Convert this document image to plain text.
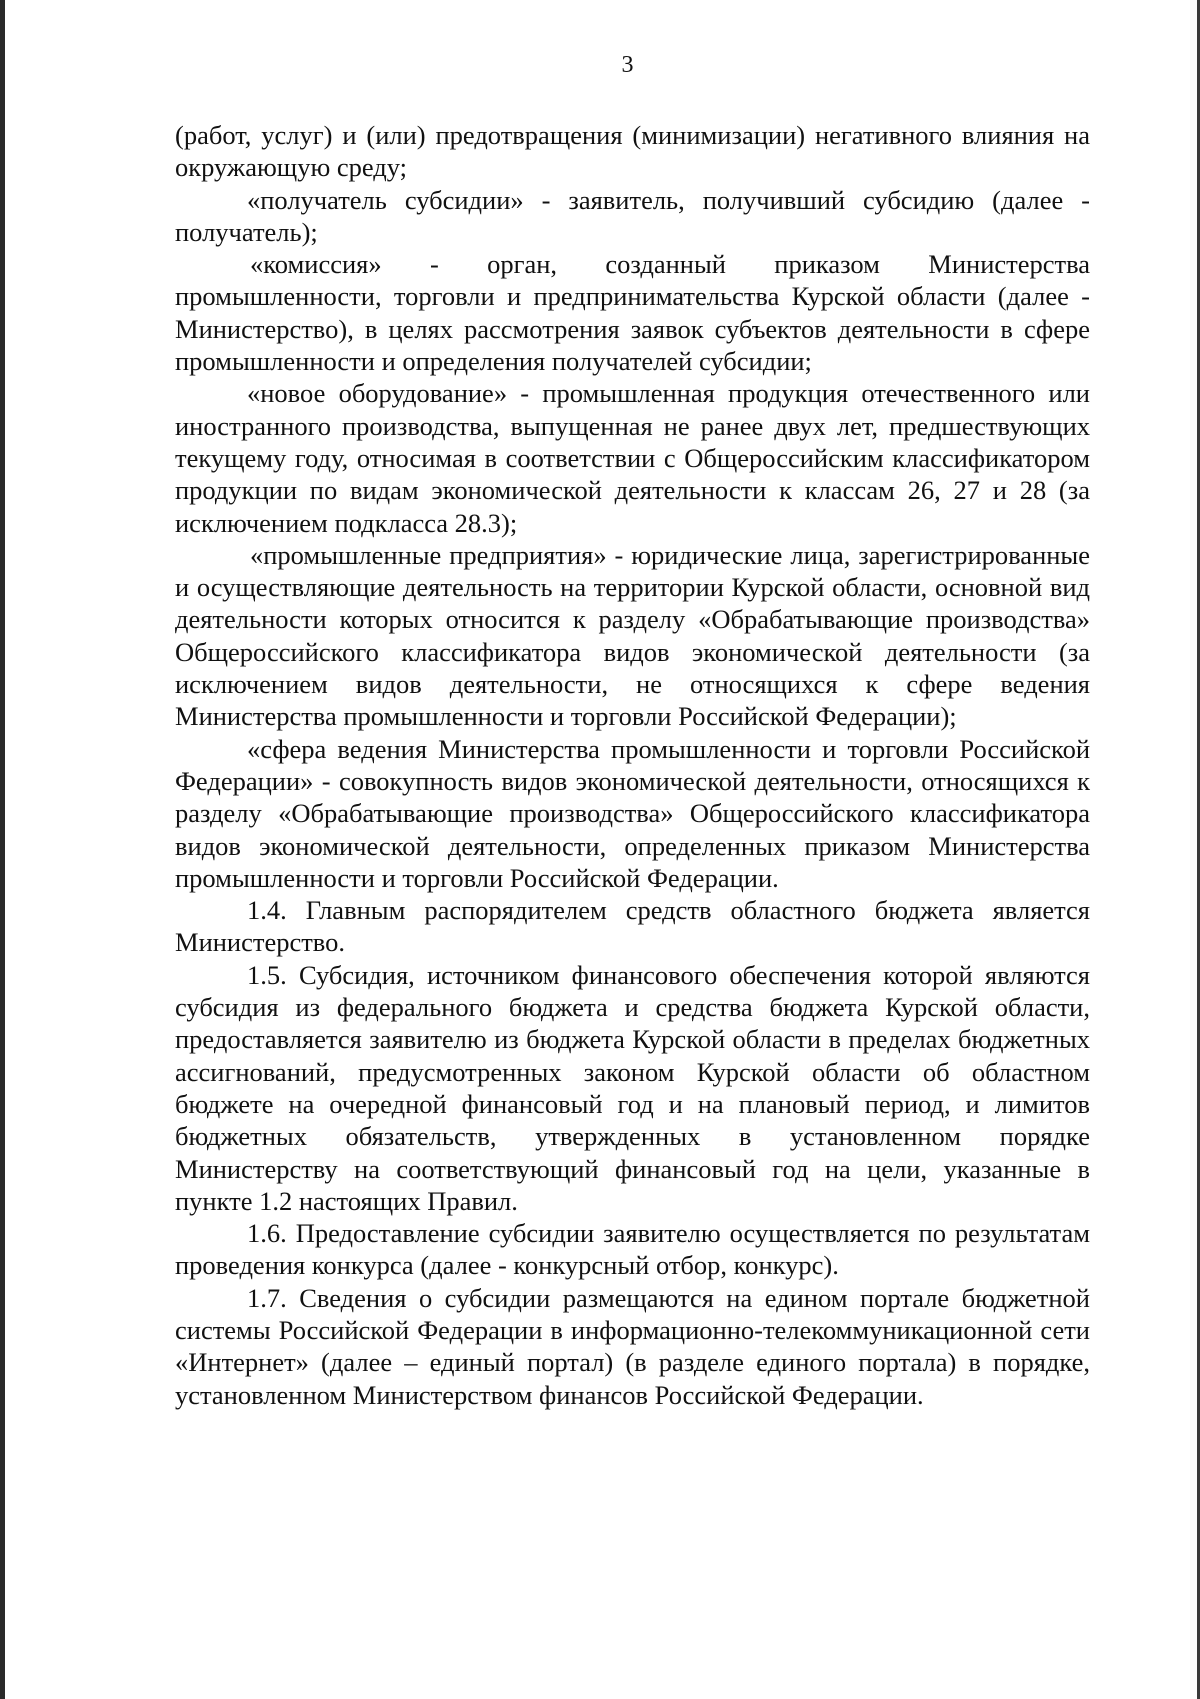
3

(работ, услуг) и (или) предотвращения (минимизации) негативного влияния на окружающую среду;

«получатель субсидии» - заявитель, получивший субсидию (далее - получатель);

«комиссия» - орган, созданный приказом Министерства промышленности, торговли и предпринимательства Курской области (далее - Министерство), в целях рассмотрения заявок субъектов деятельности в сфере промышленности и определения получателей субсидии;

«новое оборудование» - промышленная продукция отечественного или иностранного производства, выпущенная не ранее двух лет, предшествующих текущему году, относимая в соответствии с Общероссийским классификатором продукции по видам экономической деятельности к классам 26, 27 и 28 (за исключением подкласса 28.3);

«промышленные предприятия» - юридические лица, зарегистрированные и осуществляющие деятельность на территории Курской области, основной вид деятельности которых относится к разделу «Обрабатывающие производства» Общероссийского классификатора видов экономической деятельности (за исключением видов деятельности, не относящихся к сфере ведения Министерства промышленности и торговли Российской Федерации);

«сфера ведения Министерства промышленности и торговли Российской Федерации» - совокупность видов экономической деятельности, относящихся к разделу «Обрабатывающие производства» Общероссийского классификатора видов экономической деятельности, определенных приказом Министерства промышленности и торговли Российской Федерации.

1.4. Главным распорядителем средств областного бюджета является Министерство.

1.5. Субсидия, источником финансового обеспечения которой являются субсидия из федерального бюджета и средства бюджета Курской области, предоставляется заявителю из бюджета Курской области в пределах бюджетных ассигнований, предусмотренных законом Курской области об областном бюджете на очередной финансовый год и на плановый период, и лимитов бюджетных обязательств, утвержденных в установленном порядке Министерству на соответствующий финансовый год на цели, указанные в пункте 1.2 настоящих Правил.

1.6. Предоставление субсидии заявителю осуществляется по результатам проведения конкурса (далее - конкурсный отбор, конкурс).

1.7. Сведения о субсидии размещаются на едином портале бюджетной системы Российской Федерации в информационно-телекоммуникационной сети «Интернет» (далее – единый портал) (в разделе единого портала) в порядке, установленном Министерством финансов Российской Федерации.
